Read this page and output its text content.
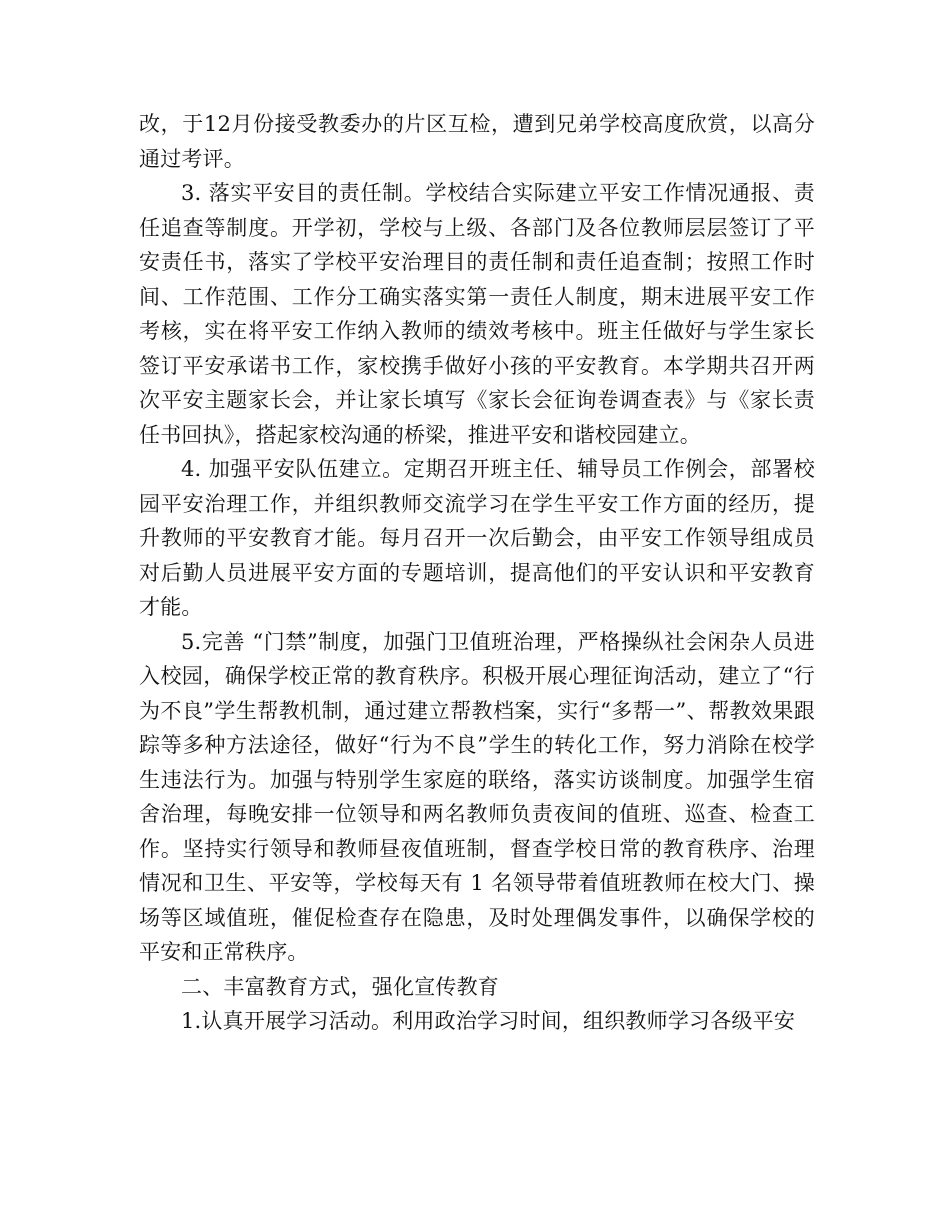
改，于12月份接受教委办的片区互检，遭到兄弟学校高度欣赏，以高分通过考评。

3. 落实平安目的责任制。学校结合实际建立平安工作情况通报、责任追查等制度。开学初，学校与上级、各部门及各位教师层层签订了平安责任书，落实了学校平安治理目的责任制和责任追查制；按照工作时间、工作范围、工作分工确实落实第一责任人制度，期末进展平安工作考核，实在将平安工作纳入教师的绩效考核中。班主任做好与学生家长签订平安承诺书工作，家校携手做好小孩的平安教育。本学期共召开两次平安主题家长会，并让家长填写《家长会征询卷调查表》与《家长责任书回执》，搭起家校沟通的桥梁，推进平安和谐校园建立。

4. 加强平安队伍建立。定期召开班主任、辅导员工作例会，部署校园平安治理工作，并组织教师交流学习在学生平安工作方面的经历，提升教师的平安教育才能。每月召开一次后勤会，由平安工作领导组成员对后勤人员进展平安方面的专题培训，提高他们的平安认识和平安教育才能。

5.完善 “门禁”制度，加强门卫值班治理，严格操纵社会闲杂人员进入校园，确保学校正常的教育秩序。积极开展心理征询活动，建立了“行为不良”学生帮教机制，通过建立帮教档案，实行“多帮一”、帮教效果跟踪等多种方法途径，做好“行为不良”学生的转化工作，努力消除在校学生违法行为。加强与特别学生家庭的联络，落实访谈制度。加强学生宿舍治理，每晚安排一位领导和两名教师负责夜间的值班、巡查、检查工作。坚持实行领导和教师昼夜值班制，督查学校日常的教育秩序、治理情况和卫生、平安等，学校每天有 1 名领导带着值班教师在校大门、操场等区域值班，催促检查存在隐患，及时处理偶发事件，以确保学校的平安和正常秩序。

二、丰富教育方式，强化宣传教育

1.认真开展学习活动。利用政治学习时间，组织教师学习各级平安
